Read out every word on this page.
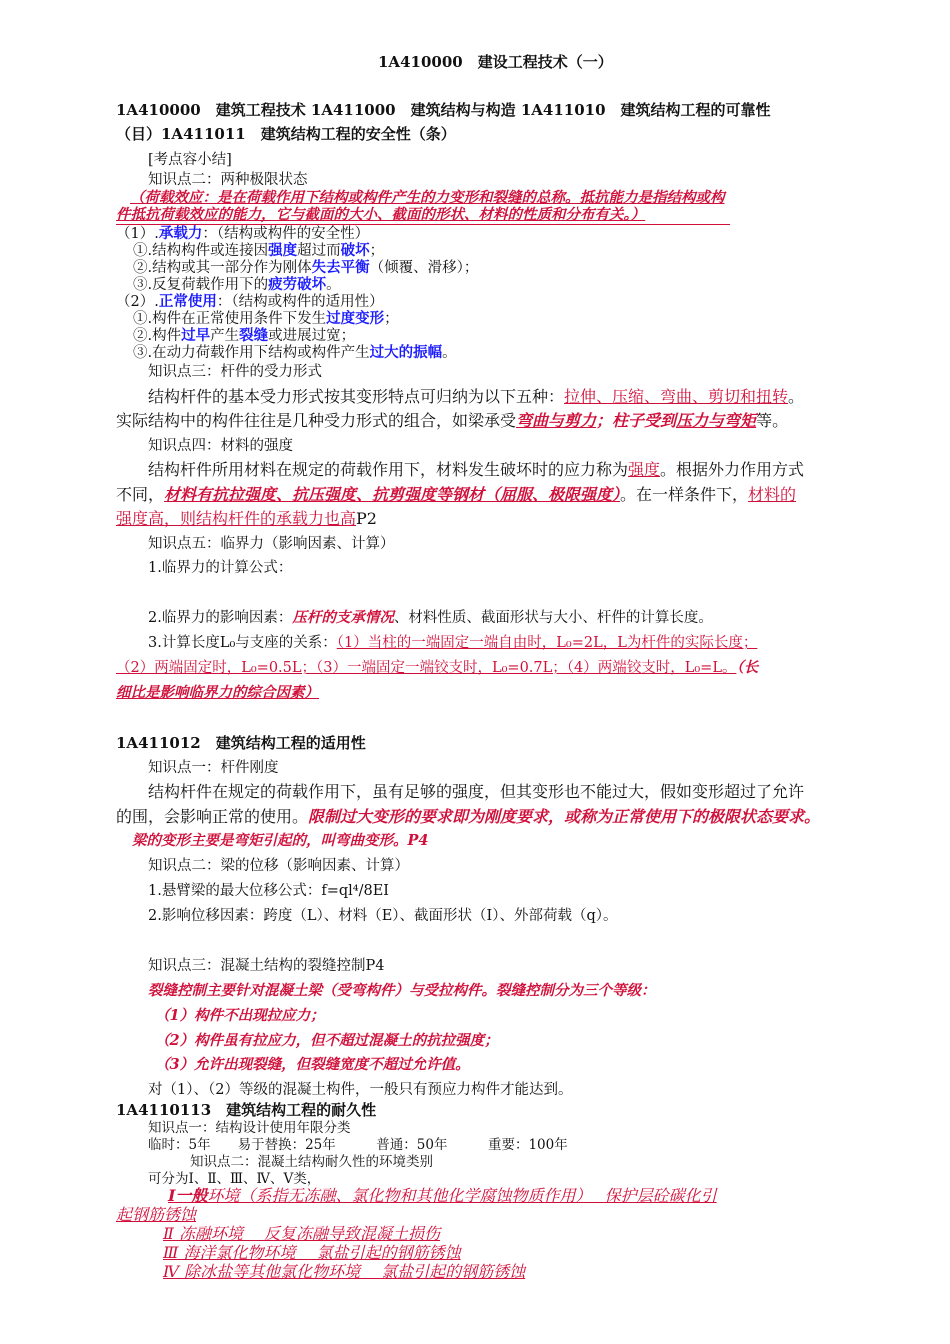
1A410000　建设工程技术（一）
1A410000　建筑工程技术 1A411000　建筑结构与构造 1A411010　建筑结构工程的可靠性
（目）1A411011　建筑结构工程的安全性（条）
[考点容小结]
知识点二：两种极限状态
（荷载效应：是在荷载作用下结构或构件产生的力变形和裂缝的总称。抵抗能力是指结构或构
件抵抗荷载效应的能力，它与截面的大小、截面的形状、材料的性质和分布有关。）
（1）.承载力：（结构或构件的安全性）
①.结构构件或连接因强度超过而破坏；
②.结构或其一部分作为刚体失去平衡（倾覆、滑移）；
③.反复荷载作用下的疲劳破坏。
（2）.正常使用：（结构或构件的适用性）
①.构件在正常使用条件下发生过度变形；
②.构件过早产生裂缝或进展过宽；
③.在动力荷载作用下结构或构件产生过大的振幅。
知识点三：杆件的受力形式
结构杆件的基本受力形式按其变形特点可归纳为以下五种：拉伸、压缩、弯曲、剪切和扭转。
实际结构中的构件往往是几种受力形式的组合，如梁承受弯曲与剪力；柱子受到压力与弯矩等。
知识点四：材料的强度
结构杆件所用材料在规定的荷载作用下，材料发生破坏时的应力称为强度。根据外力作用方式
不同，材料有抗拉强度、抗压强度、抗剪强度等钢材（屈服、极限强度）。在一样条件下，材料的
强度高，则结构杆件的承载力也高P2
知识点五：临界力（影响因素、计算）
1.临界力的计算公式：
2.临界力的影响因素：压杆的支承情况、材料性质、截面形状与大小、杆件的计算长度。
3.计算长度L₀与支座的关系：（1）当柱的一端固定一端自由时，L₀=2L，L为杆件的实际长度；
（2）两端固定时，L₀=0.5L；（3）一端固定一端铰支时，L₀=0.7L；（4）两端铰支时，L₀=L。（长
细比是影响临界力的综合因素）
1A411012　建筑结构工程的适用性
知识点一：杆件刚度
结构杆件在规定的荷载作用下，虽有足够的强度，但其变形也不能过大，假如变形超过了允许
的围，会影响正常的使用。限制过大变形的要求即为刚度要求，或称为正常使用下的极限状态要求。
梁的变形主要是弯矩引起的，叫弯曲变形。P4
知识点二：梁的位移（影响因素、计算）
1.悬臂梁的最大位移公式：f=ql⁴/8EI
2.影响位移因素：跨度（L）、材料（E）、截面形状（I）、外部荷载（q）。
知识点三：混凝土结构的裂缝控制P4
裂缝控制主要针对混凝土梁（受弯构件）与受拉构件。裂缝控制分为三个等级：
（1）构件不出现拉应力；
（2）构件虽有拉应力，但不超过混凝土的抗拉强度；
（3）允许出现裂缝，但裂缝宽度不超过允许值。
对（1）、（2）等级的混凝土构件，一般只有预应力构件才能达到。
1A4110113　建筑结构工程的耐久性
知识点一：结构设计使用年限分类
临时：5年　　易于替换：25年　　　普通：50年　　　重要：100年
知识点二：混凝土结构耐久性的环境类别
可分为Ⅰ、Ⅱ、Ⅲ、Ⅳ、Ⅴ类，
Ⅰ一般环境（系指无冻融、氯化物和其他化学腐蚀物质作用）　 保护层砼碳化引
起钢筋锈蚀
Ⅱ 冻融环境　 反复冻融导致混凝土损伤
Ⅲ 海洋氯化物环境　 氯盐引起的钢筋锈蚀
Ⅳ 除冰盐等其他氯化物环境　 氯盐引起的钢筋锈蚀
